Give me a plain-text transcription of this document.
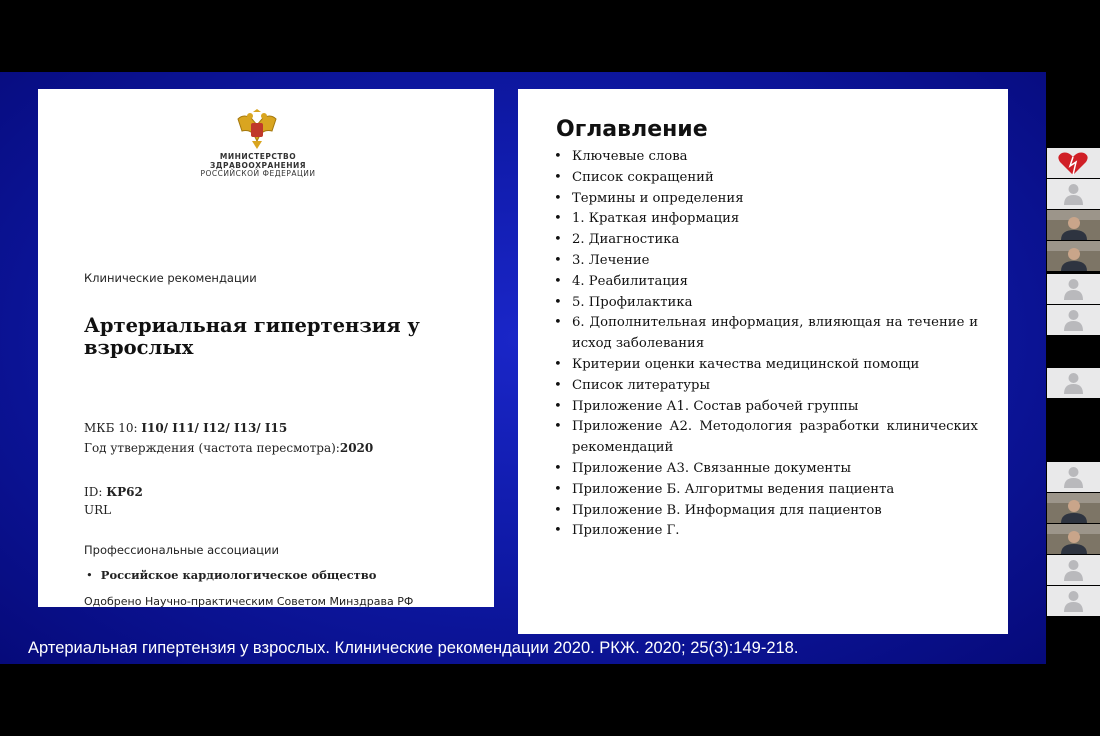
МИНИСТЕРСТВО
ЗДРАВООХРАНЕНИЯ
РОССИЙСКОЙ ФЕДЕРАЦИИ
Клинические рекомендации
Артериальная гипертензия у взрослых
МКБ 10: I10/ I11/ I12/ I13/ I15
Год утверждения (частота пересмотра):2020
ID: КР62
URL
Профессиональные ассоциации
• Российское кардиологическое общество
Одобрено Научно-практическим Советом Минздрава РФ
Оглавление
• Ключевые слова
• Список сокращений
• Термины и определения
• 1. Краткая информация
• 2. Диагностика
• 3. Лечение
• 4. Реабилитация
• 5. Профилактика
• 6. Дополнительная информация, влияющая на течение и исход заболевания
• Критерии оценки качества медицинской помощи
• Список литературы
• Приложение А1. Состав рабочей группы
• Приложение А2. Методология разработки клинических рекомендаций
• Приложение А3. Связанные документы
• Приложение Б. Алгоритмы ведения пациента
• Приложение В. Информация для пациентов
• Приложение Г.
Артериальная гипертензия у взрослых. Клинические рекомендации 2020. РКЖ. 2020; 25(3):149-218.
